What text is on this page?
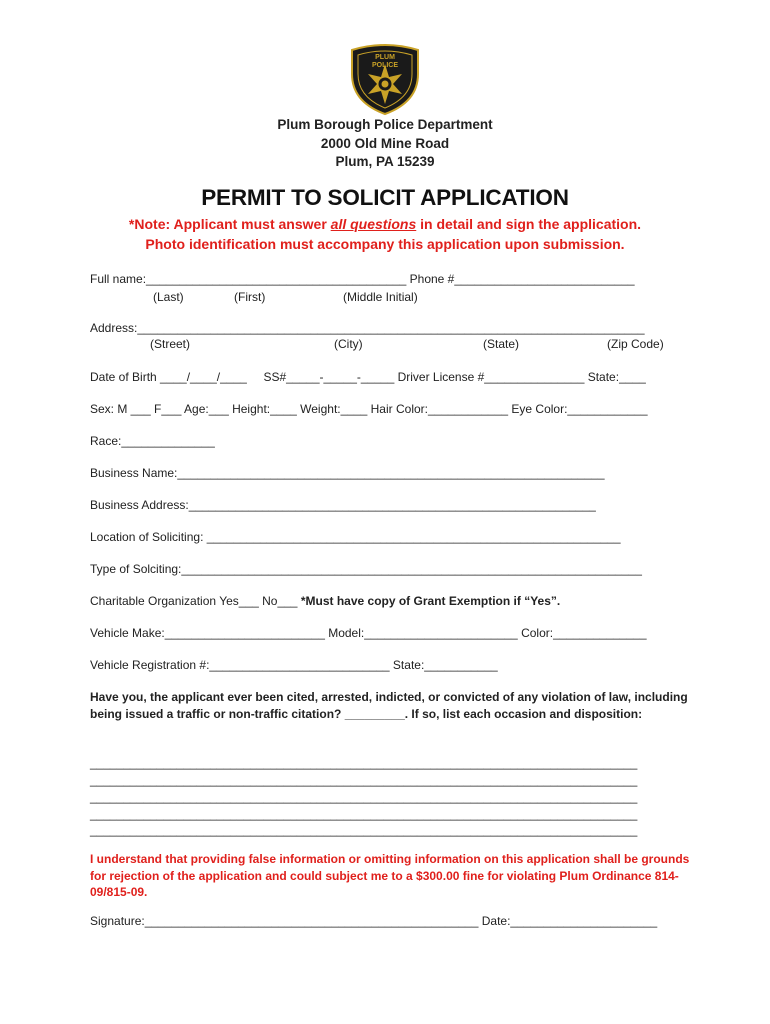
PLUM
POLICE
Plum Borough Police Department
2000 Old Mine Road
Plum, PA 15239
PERMIT TO SOLICIT APPLICATION
*Note: Applicant must answer all questions in detail and sign the application.
Photo identification must accompany this application upon submission.
Full name:_______________________________________ Phone #___________________________
(Last)	(First)	(Middle Initial)
Address:____________________________________________________________________________
(Street)	(City)	(State)	(Zip Code)
Date of Birth ____/____/____     SS#_____-_____-_____ Driver License #_______________ State:____
Sex: M ___ F___ Age:___ Height:____ Weight:____ Hair Color:____________ Eye Color:____________
Race:______________
Business Name:________________________________________________________________
Business Address:_____________________________________________________________
Location of Soliciting: ______________________________________________________________
Type of Solciting:_____________________________________________________________________
Charitable Organization Yes___ No___ *Must have copy of Grant Exemption if “Yes”.
Vehicle Make:________________________ Model:_______________________ Color:______________
Vehicle Registration #:___________________________ State:___________
Have you, the applicant ever been cited, arrested, indicted, or convicted of any violation of law, including being issued a traffic or non-traffic citation? _________. If so, list each occasion and disposition:
__________________________________________________________________________________
__________________________________________________________________________________
__________________________________________________________________________________
__________________________________________________________________________________
__________________________________________________________________________________
I understand that providing false information or omitting information on this application shall be grounds for rejection of the application and could subject me to a $300.00 fine for violating Plum Ordinance 814-09/815-09.
Signature:__________________________________________________ Date:______________________
